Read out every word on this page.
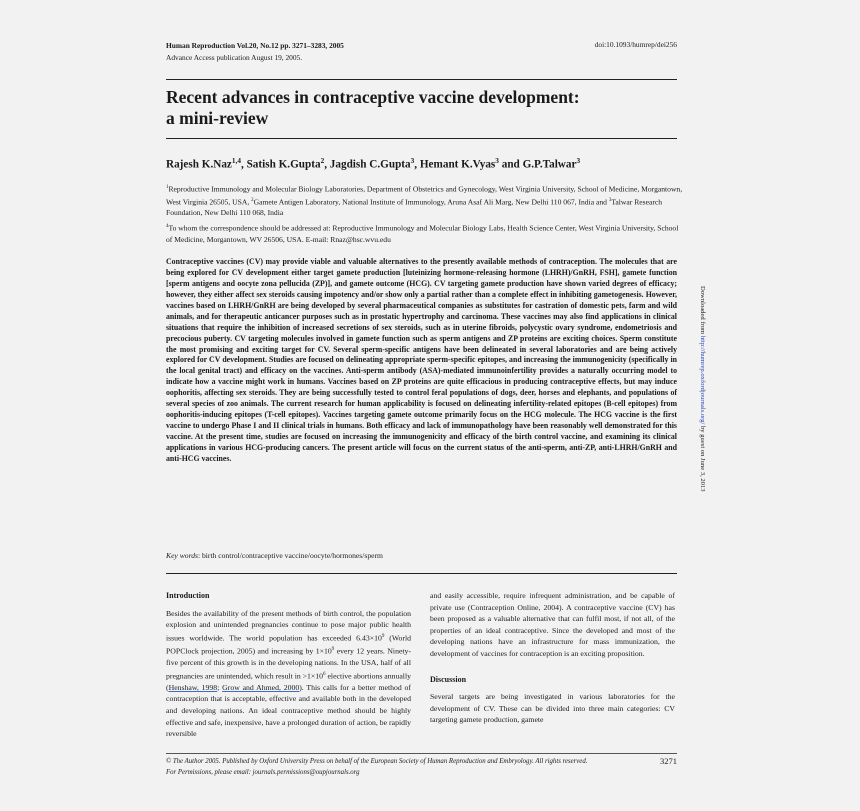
Human Reproduction Vol.20, No.12 pp. 3271–3283, 2005
Advance Access publication August 19, 2005.
doi:10.1093/humrep/dei256
Recent advances in contraceptive vaccine development:
a mini-review
Rajesh K.Naz$^{1,4}$, Satish K.Gupta$^2$, Jagdish C.Gupta$^3$, Hemant K.Vyas$^3$ and G.P.Talwar$^3$
$^1$Reproductive Immunology and Molecular Biology Laboratories, Department of Obstetrics and Gynecology, West Virginia University, School of Medicine, Morgantown, West Virginia 26505, USA, $^2$Gamete Antigen Laboratory, National Institute of Immunology, Aruna Asaf Ali Marg, New Delhi 110 067, India and $^3$Talwar Research Foundation, New Delhi 110 068, India
$^4$To whom the correspondence should be addressed at: Reproductive Immunology and Molecular Biology Labs, Health Science Center, West Virginia University, School of Medicine, Morgantown, WV 26506, USA. E-mail: Rnaz@hsc.wvu.edu

Contraceptive vaccines (CV) may provide viable and valuable alternatives to the presently available methods of contraception. The molecules that are being explored for CV development either target gamete production [luteinizing hormone-releasing hormone (LHRH)/GnRH, FSH], gamete function [sperm antigens and oocyte zona pellucida (ZP)], and gamete outcome (HCG). CV targeting gamete production have shown varied degrees of efficacy; however, they either affect sex steroids causing impotency and/or show only a partial rather than a complete effect in inhibiting gametogenesis. However, vaccines based on LHRH/GnRH are being developed by several pharmaceutical companies as substitutes for castration of domestic pets, farm and wild animals, and for therapeutic anticancer purposes such as in prostatic hypertrophy and carcinoma. These vaccines may also find applications in clinical situations that require the inhibition of increased secretions of sex steroids, such as in uterine fibroids, polycystic ovary syndrome, endometriosis and precocious puberty. CV targeting molecules involved in gamete function such as sperm antigens and ZP proteins are exciting choices. Sperm constitute the most promising and exciting target for CV. Several sperm-specific antigens have been delineated in several laboratories and are being actively explored for CV development. Studies are focused on delineating appropriate sperm-specific epitopes, and increasing the immunogenicity (specifically in the local genital tract) and efficacy on the vaccines. Anti-sperm antibody (ASA)-mediated immunoinfertility provides a naturally occurring model to indicate how a vaccine might work in humans. Vaccines based on ZP proteins are quite efficacious in producing contraceptive effects, but may induce oophoritis, affecting sex steroids. They are being successfully tested to control feral populations of dogs, deer, horses and elephants, and populations of several species of zoo animals. The current research for human applicability is focused on delineating infertility-related epitopes (B-cell epitopes) from oophoritis-inducing epitopes (T-cell epitopes). Vaccines targeting gamete outcome primarily focus on the HCG molecule. The HCG vaccine is the first vaccine to undergo Phase I and II clinical trials in humans. Both efficacy and lack of immunopathology have been reasonably well demonstrated for this vaccine. At the present time, studies are focused on increasing the immunogenicity and efficacy of the birth control vaccine, and examining its clinical applications in various HCG-producing cancers. The present article will focus on the current status of the anti-sperm, anti-ZP, anti-LHRH/GnRH and anti-HCG vaccines.

Key words: birth control/contraceptive vaccine/oocyte/hormones/sperm
Introduction

Besides the availability of the present methods of birth control, the population explosion and unintended pregnancies continue to pose major public health issues worldwide. The world population has exceeded $6.43\times 10^9$ (World POPClock projection, 2005) and increasing by $1\times 10^9$ every 12 years. Ninety-five percent of this growth is in the developing nations. In the USA, half of all pregnancies are unintended, which result in $>1\times 10^6$ elective abortions annually (Henshaw, 1998; Grow and Ahmed, 2000). This calls for a better method of contraception that is acceptable, effective and available both in the developed and developing nations. An ideal contraceptive method should be highly effective and safe, inexpensive, have a prolonged duration of action, be rapidly reversible

and easily accessible, require infrequent administration, and be capable of private use (Contraception Online, 2004). A contraceptive vaccine (CV) has been proposed as a valuable alternative that can fulfil most, if not all, of the properties of an ideal contraceptive. Since the developed and most of the developing nations have an infrastructure for mass immunization, the development of vaccines for contraception is an exciting proposition.

Discussion

Several targets are being investigated in various laboratories for the development of CV. These can be divided into three main categories: CV targeting gamete production, gamete

© The Author 2005. Published by Oxford University Press on behalf of the European Society of Human Reproduction and Embryology. All rights reserved.
For Permissions, please email: journals.permissions@oupjournals.org
3271
Downloaded from http://humrep.oxfordjournals.org/ by guest on June 3, 2013
